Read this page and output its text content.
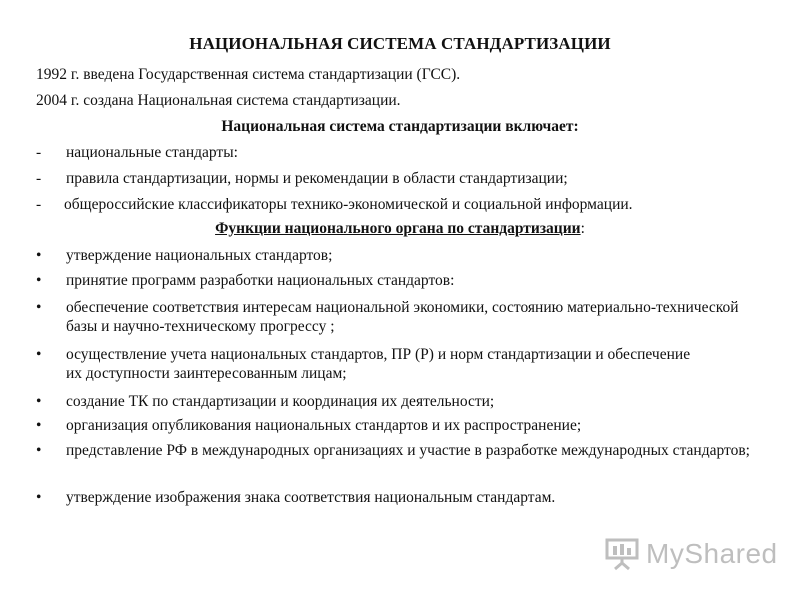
НАЦИОНАЛЬНАЯ СИСТЕМА СТАНДАРТИЗАЦИИ
1992 г. введена Государственная система стандартизации (ГСС).
2004 г. создана Национальная система стандартизации.
Национальная система стандартизации включает:
- национальные стандарты:
- правила стандартизации, нормы и рекомендации в области стандартизации;
- общероссийские классификаторы технико-экономической и социальной информации.
Функции национального органа по стандартизации:
•	утверждение национальных стандартов;
•	принятие программ разработки национальных стандартов:
•	обеспечение соответствия интересам национальной экономики, состоянию материально-технической базы и научно-техническому прогрессу ;
•	осуществление учета национальных стандартов, ПР (Р) и норм стандартизации и обеспечение их доступности заинтересованным лицам;
•	создание ТК по стандартизации и координация их деятельности;
•	организация опубликования национальных стандартов и их распространение;
•	представление РФ в международных организациях и участие в разработке международных стандартов;
•	утверждение изображения знака соответствия национальным стандартам.
MyShared
